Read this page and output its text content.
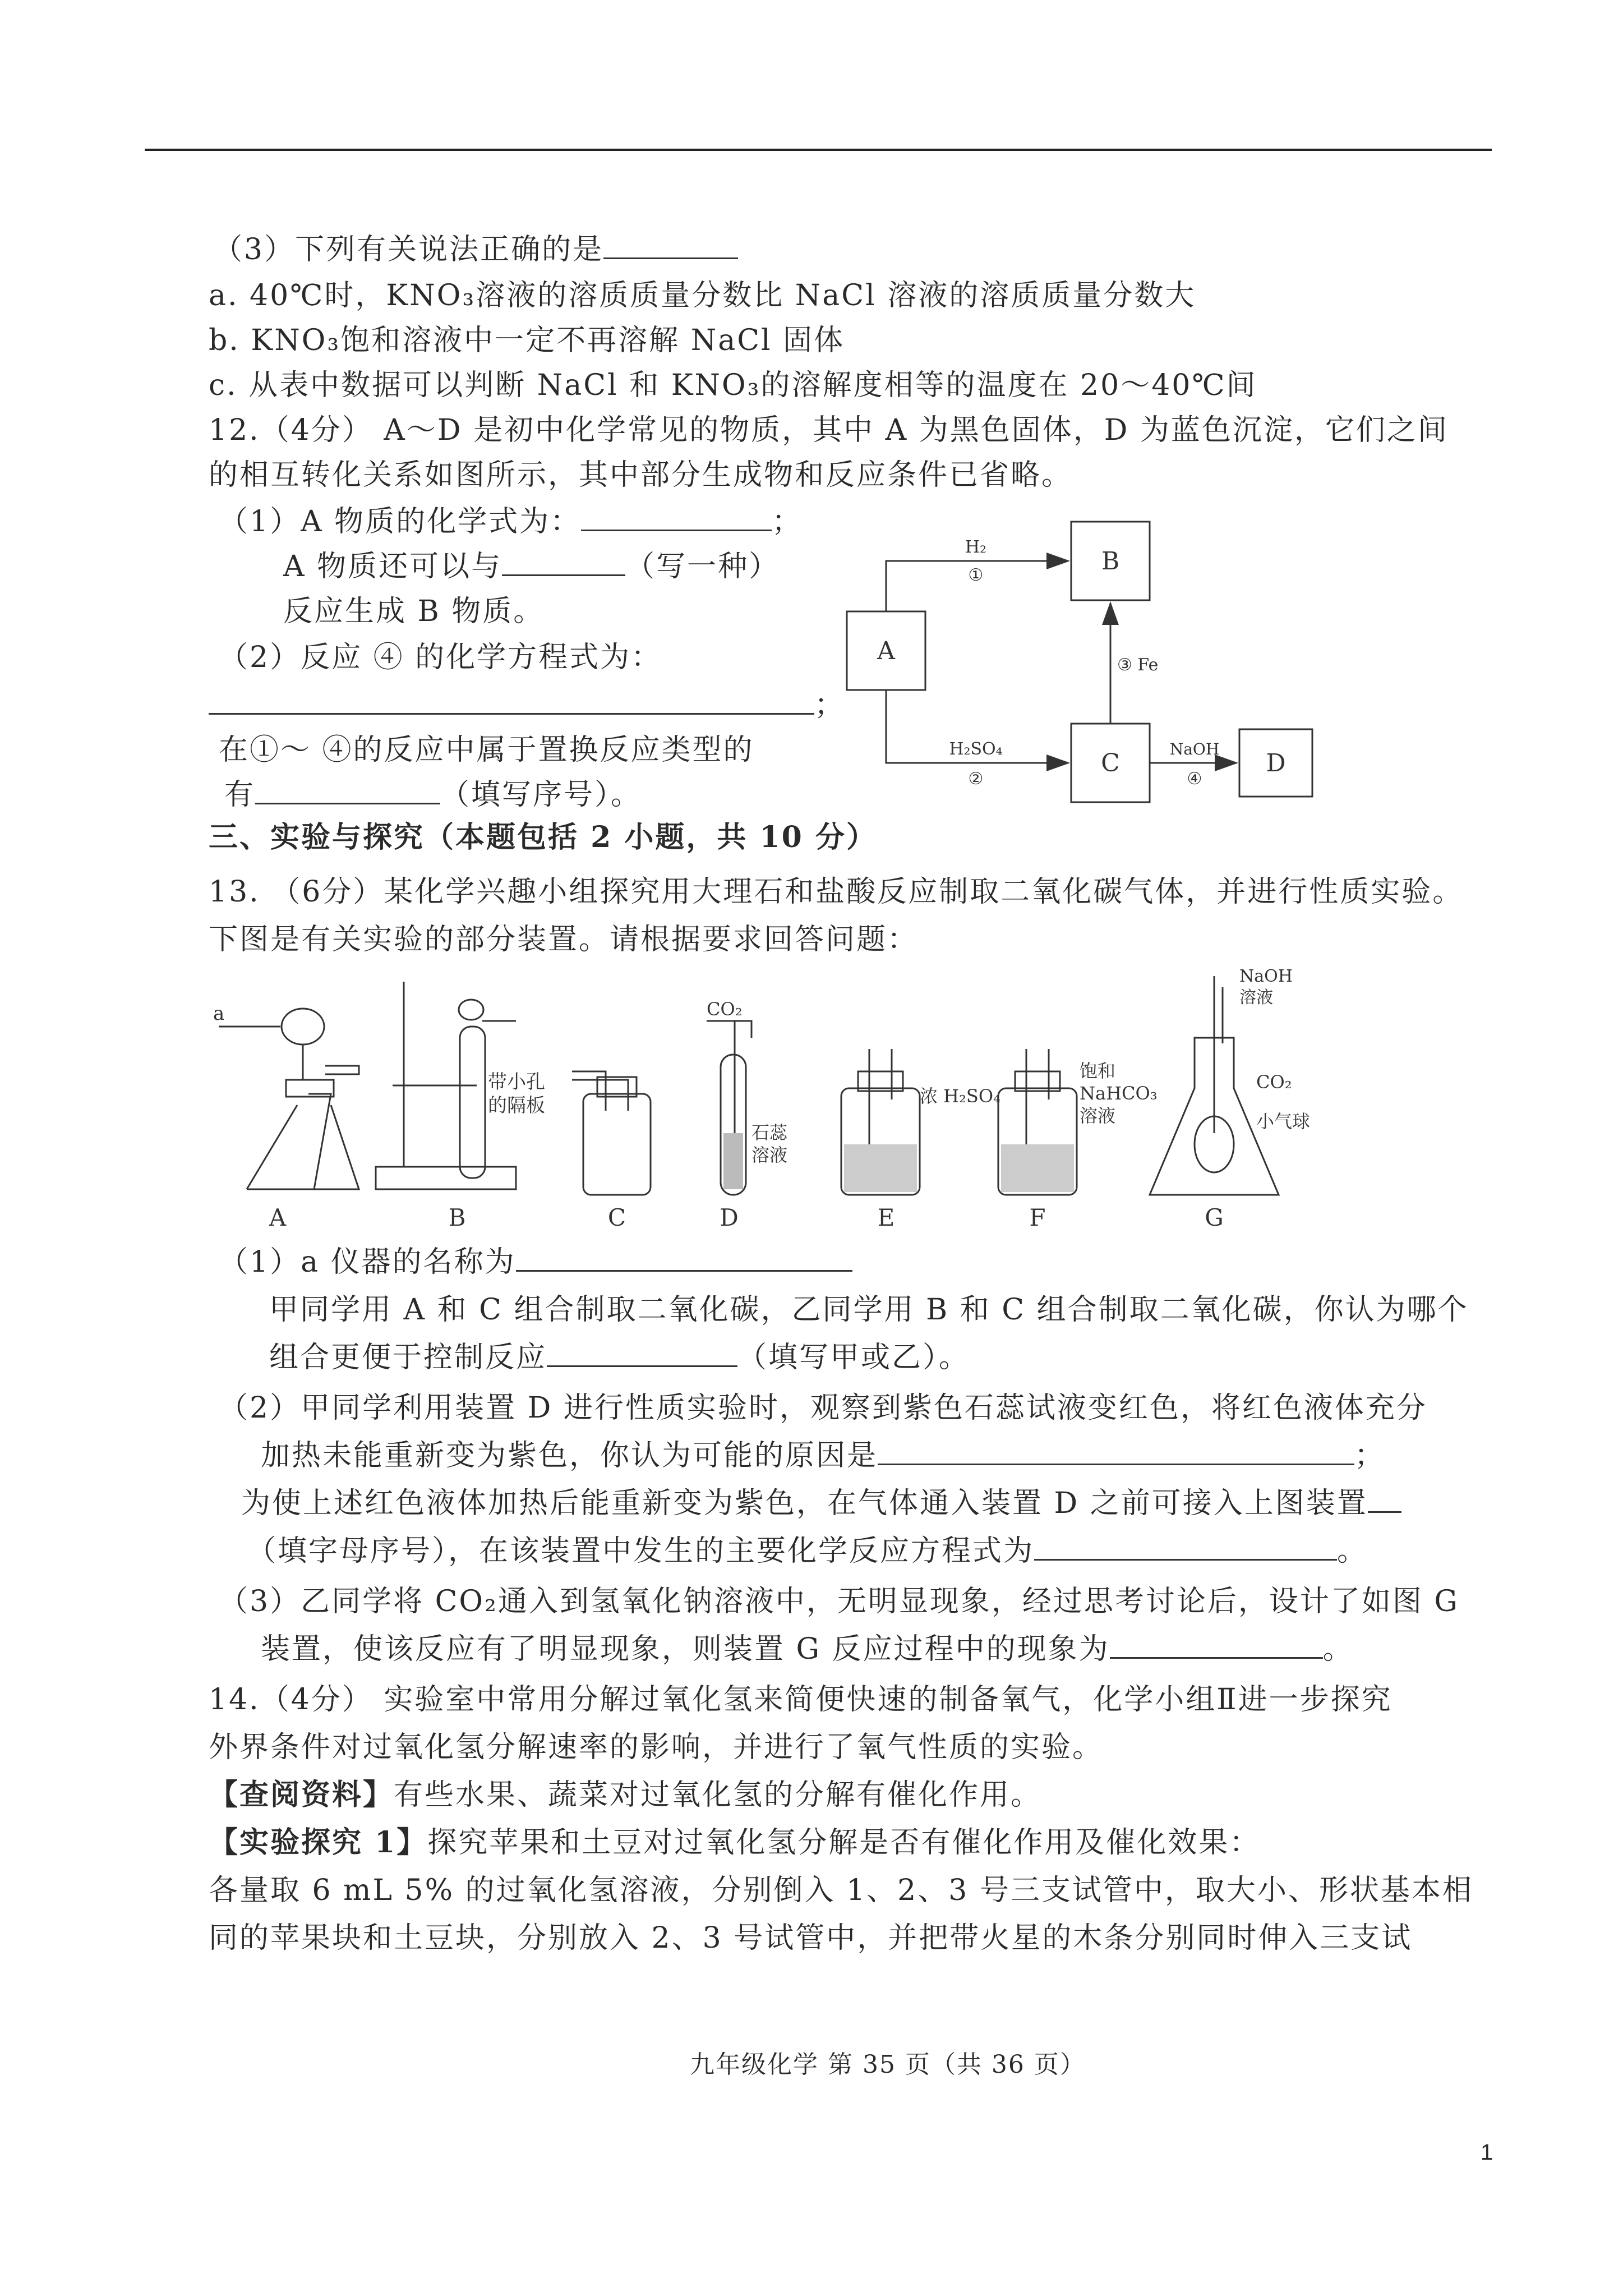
（3）下列有关说法正确的是
a. 40℃时，KNO₃溶液的溶质质量分数比 NaCl 溶液的溶质质量分数大
b. KNO₃饱和溶液中一定不再溶解 NaCl 固体
c. 从表中数据可以判断 NaCl 和 KNO₃的溶解度相等的温度在 20～40℃间
12.（4分） A～D 是初中化学常见的物质，其中 A 为黑色固体，D 为蓝色沉淀，它们之间
的相互转化关系如图所示，其中部分生成物和反应条件已省略。
（1）A 物质的化学式为：	；
A 物质还可以与	（写一种）
反应生成 B 物质。
（2）反应 ④ 的化学方程式为：
；
在①～ ④的反应中属于置换反应类型的
有	（填写序号）。
A
B
C	D
H₂
①
H₂SO₄
②
③ Fe
NaOH
④
三、实验与探究（本题包括 2 小题，共 10 分）
13. （6分）某化学兴趣小组探究用大理石和盐酸反应制取二氧化碳气体，并进行性质实验。
下图是有关实验的部分装置。请根据要求回答问题：
a
带小孔
的隔板
CO₂
石蕊
溶液
浓 H₂SO₄
饱和
NaHCO₃
溶液
NaOH
溶液
CO₂
小气球
A	B	C	D	E	F	G
（1）a 仪器的名称为
甲同学用 A 和 C 组合制取二氧化碳，乙同学用 B 和 C 组合制取二氧化碳，你认为哪个
组合更便于控制反应	（填写甲或乙）。
（2）甲同学利用装置 D 进行性质实验时，观察到紫色石蕊试液变红色，将红色液体充分
加热未能重新变为紫色，你认为可能的原因是	；
为使上述红色液体加热后能重新变为紫色，在气体通入装置 D 之前可接入上图装置
（填字母序号），在该装置中发生的主要化学反应方程式为	。
（3）乙同学将 CO₂通入到氢氧化钠溶液中，无明显现象，经过思考讨论后，设计了如图 G
装置，使该反应有了明显现象，则装置 G 反应过程中的现象为	。
14.（4分） 实验室中常用分解过氧化氢来简便快速的制备氧气，化学小组Ⅱ进一步探究
外界条件对过氧化氢分解速率的影响，并进行了氧气性质的实验。
【查阅资料】有些水果、蔬菜对过氧化氢的分解有催化作用。
【实验探究 1】探究苹果和土豆对过氧化氢分解是否有催化作用及催化效果：
各量取 6 mL 5% 的过氧化氢溶液，分别倒入 1、2、3 号三支试管中，取大小、形状基本相
同的苹果块和土豆块，分别放入 2、3 号试管中，并把带火星的木条分别同时伸入三支试
九年级化学 第 35 页（共 36 页）
1
